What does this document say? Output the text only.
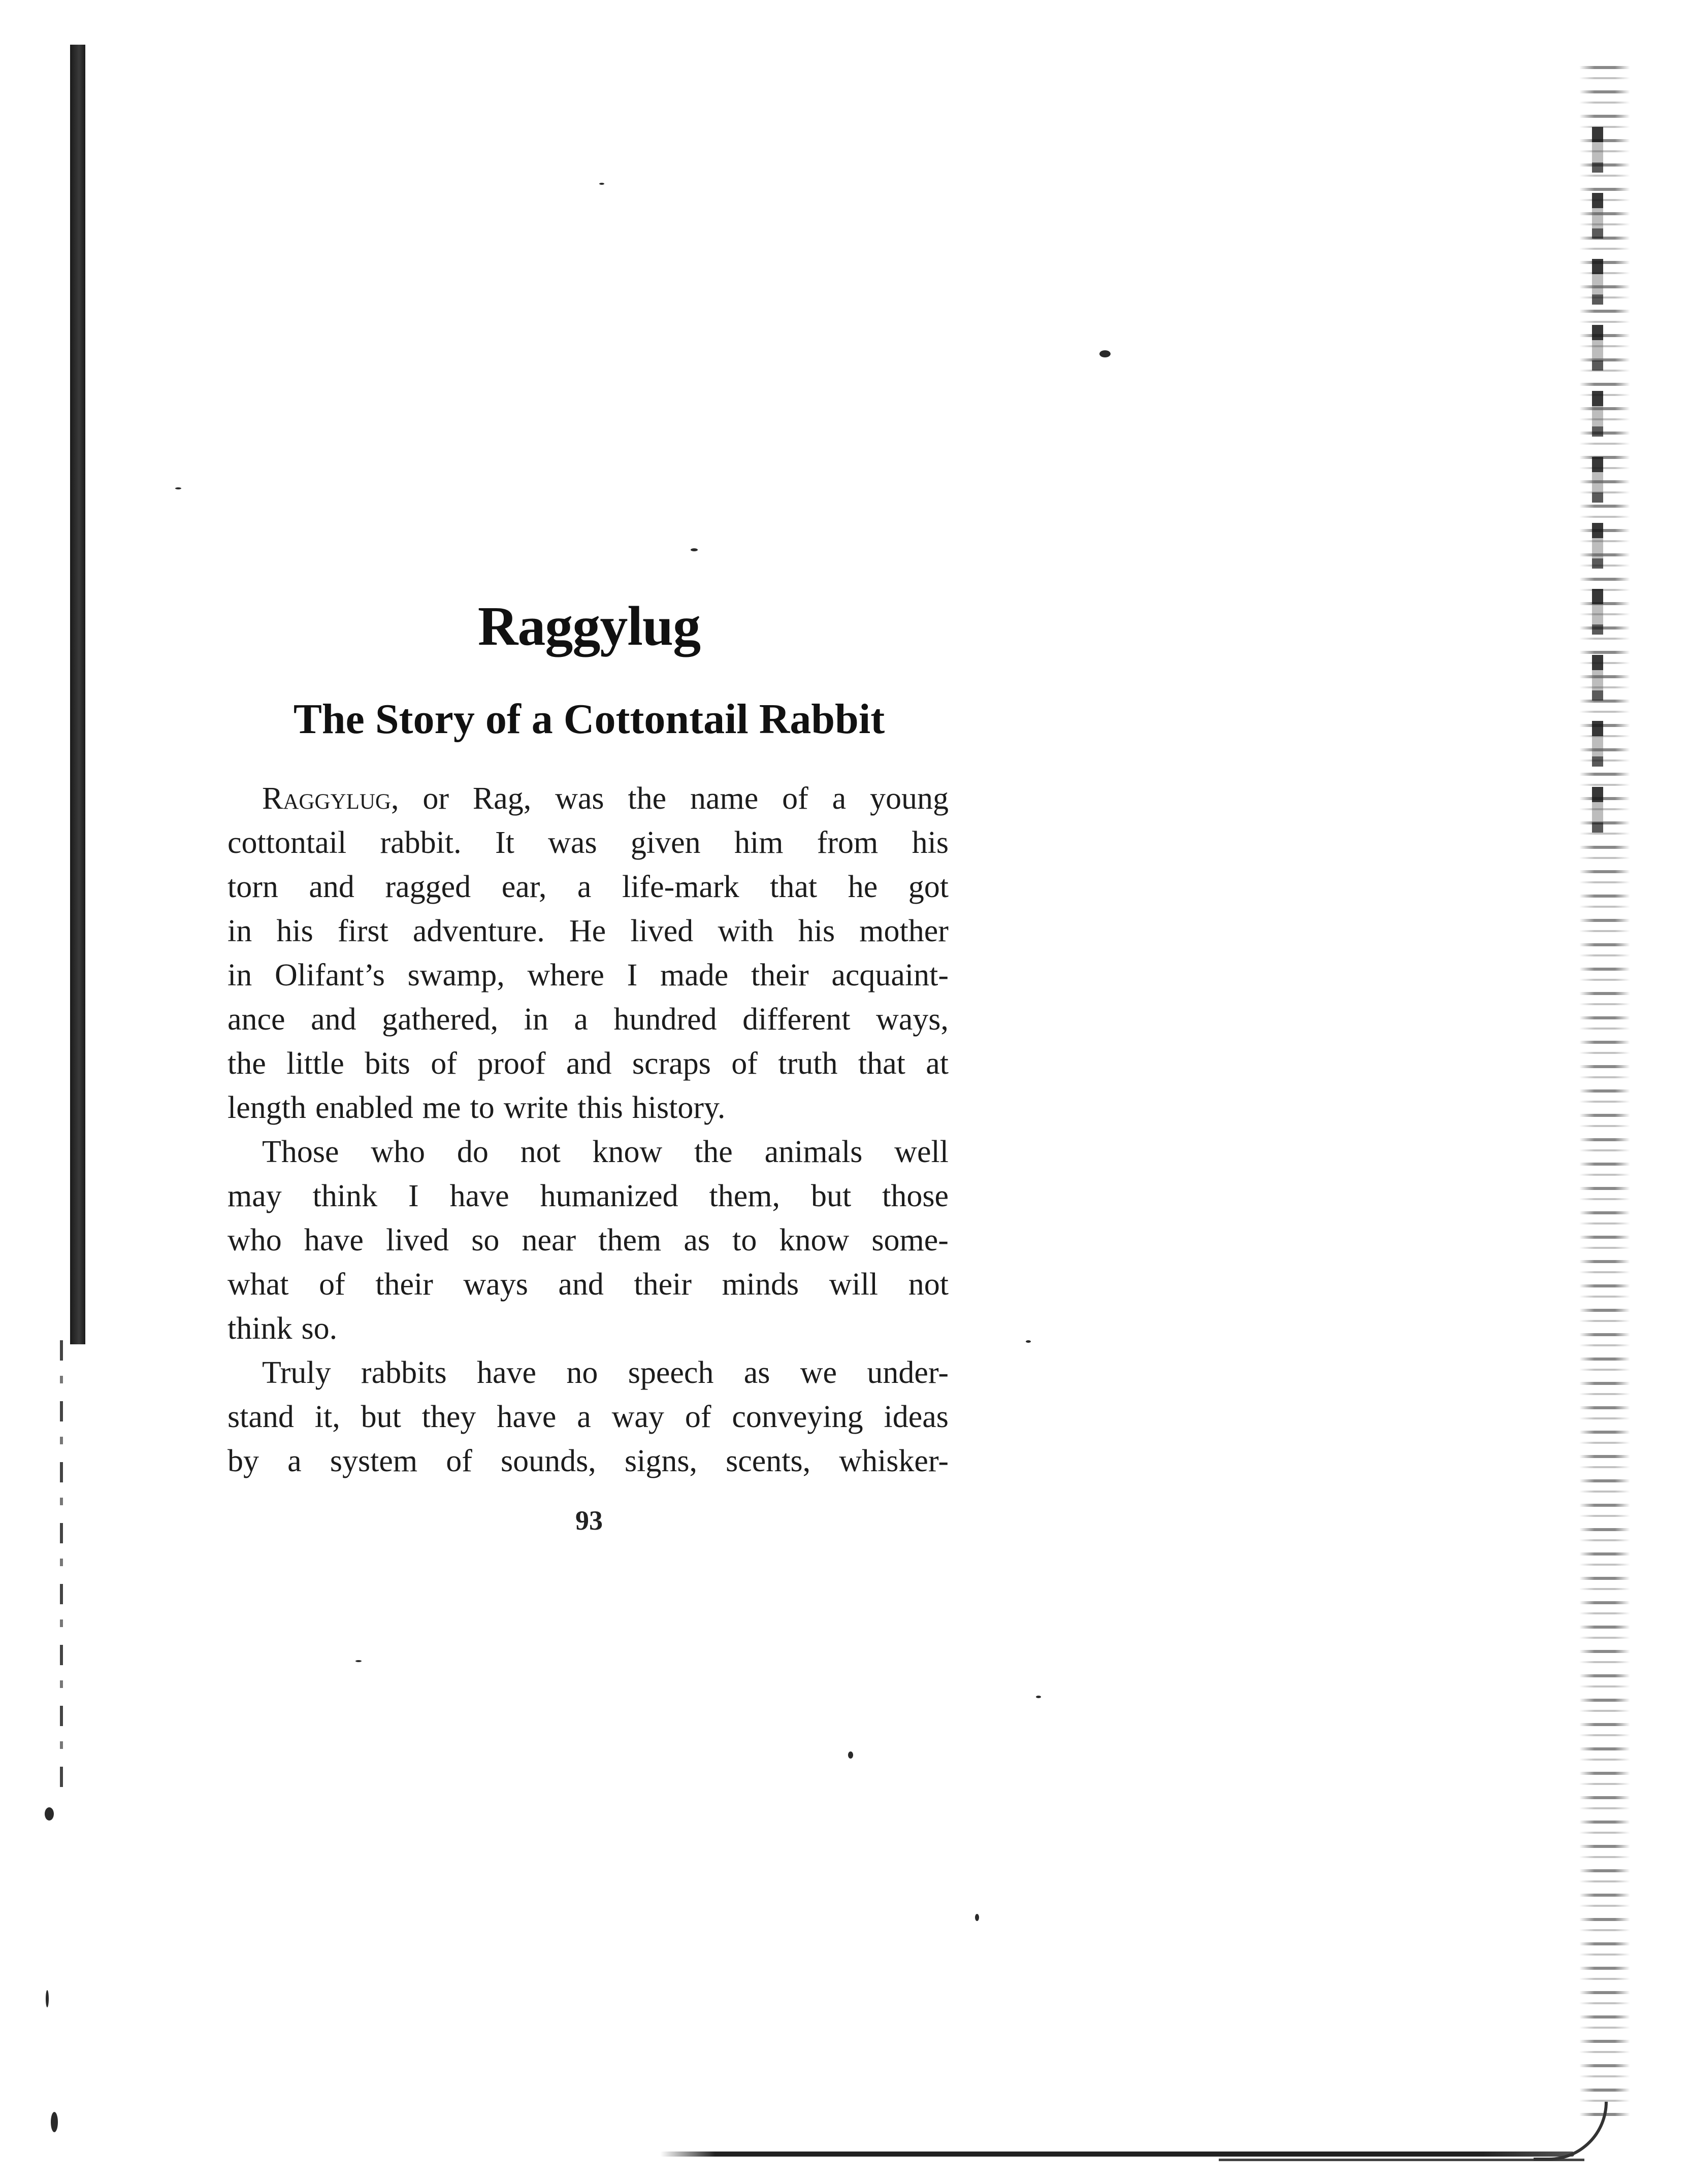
Raggylug
The Story of a Cottontail Rabbit
Raggylug, or Rag, was the name of a young
cottontail rabbit. It was given him from his
torn and ragged ear, a life-mark that he got
in his first adventure. He lived with his mother
in Olifant’s swamp, where I made their acquaint-
ance and gathered, in a hundred different ways,
the little bits of proof and scraps of truth that at
length enabled me to write this history.
Those who do not know the animals well
may think I have humanized them, but those
who have lived so near them as to know some-
what of their ways and their minds will not
think so.
Truly rabbits have no speech as we under-
stand it, but they have a way of conveying ideas
by a system of sounds, signs, scents, whisker-
93
